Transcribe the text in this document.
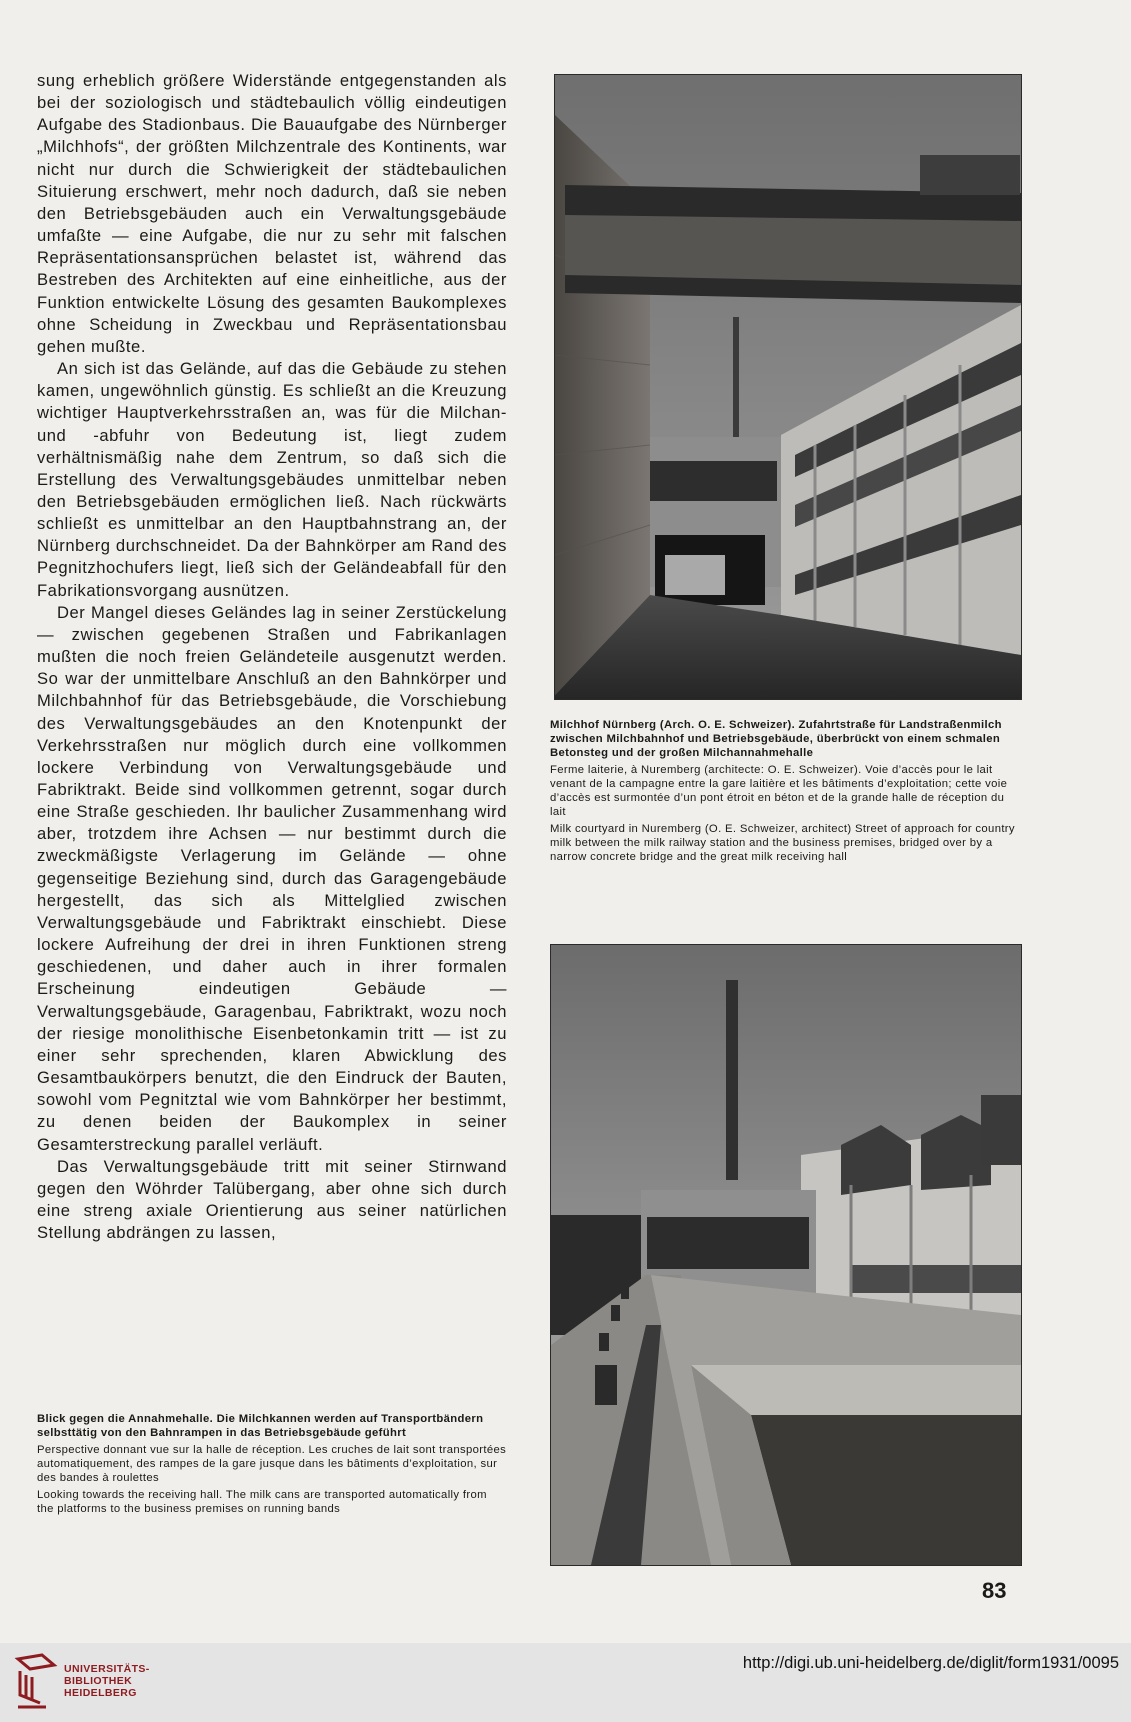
sung erheblich größere Widerstände entgegenstanden als bei der soziologisch und städtebaulich völlig eindeutigen Aufgabe des Stadionbaus. Die Bauaufgabe des Nürnberger „Milchhofs“, der größten Milchzentrale des Kontinents, war nicht nur durch die Schwierigkeit der städtebaulichen Situierung erschwert, mehr noch dadurch, daß sie neben den Betriebsgebäuden auch ein Verwaltungsgebäude umfaßte — eine Aufgabe, die nur zu sehr mit falschen Repräsentationsansprüchen belastet ist, während das Bestreben des Architekten auf eine einheitliche, aus der Funktion entwickelte Lösung des gesamten Baukomplexes ohne Scheidung in Zweckbau und Repräsentationsbau gehen mußte.

An sich ist das Gelände, auf das die Gebäude zu stehen kamen, ungewöhnlich günstig. Es schließt an die Kreuzung wichtiger Hauptverkehrsstraßen an, was für die Milchan- und -abfuhr von Bedeutung ist, liegt zudem verhältnismäßig nahe dem Zentrum, so daß sich die Erstellung des Verwaltungsgebäudes unmittelbar neben den Betriebsgebäuden ermöglichen ließ. Nach rückwärts schließt es unmittelbar an den Hauptbahnstrang an, der Nürnberg durchschneidet. Da der Bahnkörper am Rand des Pegnitzhochufers liegt, ließ sich der Geländeabfall für den Fabrikationsvorgang ausnützen.

Der Mangel dieses Geländes lag in seiner Zerstückelung — zwischen gegebenen Straßen und Fabrikanlagen mußten die noch freien Geländeteile ausgenutzt werden. So war der unmittelbare Anschluß an den Bahnkörper und Milchbahnhof für das Betriebsgebäude, die Vorschiebung des Verwaltungsgebäudes an den Knotenpunkt der Verkehrsstraßen nur möglich durch eine vollkommen lockere Verbindung von Verwaltungsgebäude und Fabriktrakt. Beide sind vollkommen getrennt, sogar durch eine Straße geschieden. Ihr baulicher Zusammenhang wird aber, trotzdem ihre Achsen — nur bestimmt durch die zweckmäßigste Verlagerung im Gelände — ohne gegenseitige Beziehung sind, durch das Garagengebäude hergestellt, das sich als Mittelglied zwischen Verwaltungsgebäude und Fabriktrakt einschiebt. Diese lockere Aufreihung der drei in ihren Funktionen streng geschiedenen, und daher auch in ihrer formalen Erscheinung eindeutigen Gebäude — Verwaltungsgebäude, Garagenbau, Fabriktrakt, wozu noch der riesige monolithische Eisenbetonkamin tritt — ist zu einer sehr sprechenden, klaren Abwicklung des Gesamtbaukörpers benutzt, die den Eindruck der Bauten, sowohl vom Pegnitztal wie vom Bahnkörper her bestimmt, zu denen beiden der Baukomplex in seiner Gesamterstreckung parallel verläuft.

Das Verwaltungsgebäude tritt mit seiner Stirnwand gegen den Wöhrder Talübergang, aber ohne sich durch eine streng axiale Orientierung aus seiner natürlichen Stellung abdrängen zu lassen,

Milchhof Nürnberg (Arch. O. E. Schweizer). Zufahrtstraße für Landstraßenmilch zwischen Milchbahnhof und Betriebsgebäude, überbrückt von einem schmalen Betonsteg und der großen Milchannahmehalle

Ferme laiterie, à Nuremberg (architecte: O. E. Schweizer). Voie d’accès pour le lait venant de la campagne entre la gare laitière et les bâtiments d’exploitation; cette voie d’accès est surmontée d’un pont étroit en béton et de la grande halle de réception du lait

Milk courtyard in Nuremberg (O. E. Schweizer, architect) Street of approach for country milk between the milk railway station and the business premises, bridged over by a narrow concrete bridge and the great milk receiving hall

Blick gegen die Annahmehalle. Die Milchkannen werden auf Transportbändern selbsttätig von den Bahnrampen in das Betriebsgebäude geführt

Perspective donnant vue sur la halle de réception. Les cruches de lait sont transportées automatiquement, des rampes de la gare jusque dans les bâtiments d’exploitation, sur des bandes à roulettes

Looking towards the receiving hall. The milk cans are transported automatically from the platforms to the business premises on running bands

83
UNIVERSITÄTS-
BIBLIOTHEK
HEIDELBERG
http://digi.ub.uni-heidelberg.de/diglit/form1931/0095
